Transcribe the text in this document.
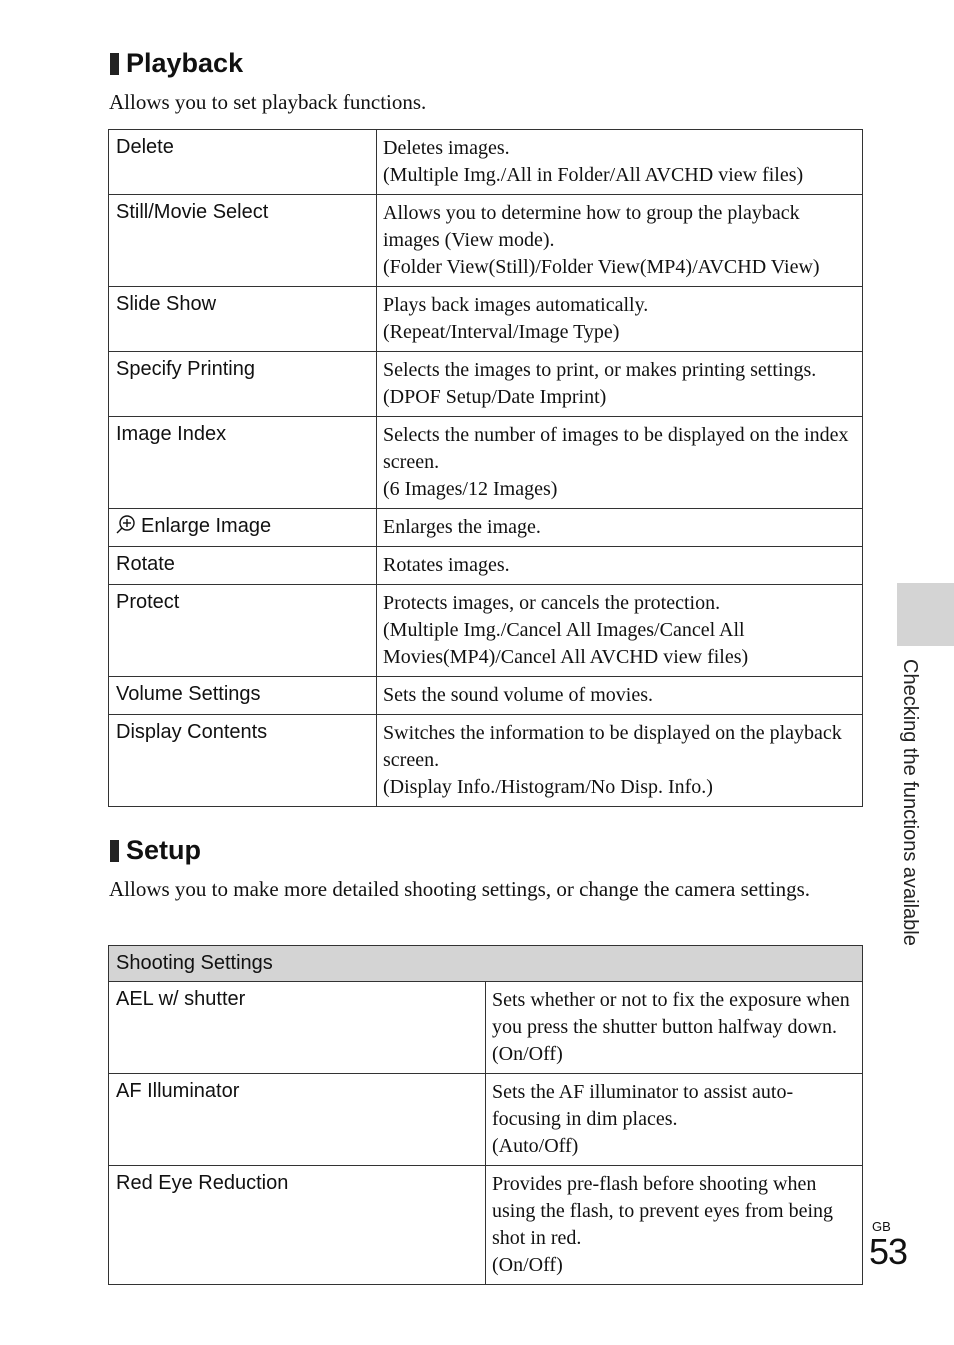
Playback
Allows you to set playback functions.
Delete	Deletes images.
(Multiple Img./All in Folder/All AVCHD view files)

Still/Movie Select	Allows you to determine how to group the playback images (View mode).
(Folder View(Still)/Folder View(MP4)/AVCHD View)

Slide Show	Plays back images automatically.
(Repeat/Interval/Image Type)

Specify Printing	Selects the images to print, or makes printing settings.
(DPOF Setup/Date Imprint)

Image Index	Selects the number of images to be displayed on the index screen.
(6 Images/12 Images)

Enlarge Image	Enlarges the image.

Rotate	Rotates images.

Protect	Protects images, or cancels the protection.
(Multiple Img./Cancel All Images/Cancel All Movies(MP4)/Cancel All AVCHD view files)

Volume Settings	Sets the sound volume of movies.

Display Contents	Switches the information to be displayed on the playback screen.
(Display Info./Histogram/No Disp. Info.)
Setup
Allows you to make more detailed shooting settings, or change the camera settings.
Shooting Settings	
AEL w/ shutter	Sets whether or not to fix the exposure when you press the shutter button halfway down.
(On/Off)

AF Illuminator	Sets the AF illuminator to assist auto-focusing in dim places.
(Auto/Off)

Red Eye Reduction	Provides pre-flash before shooting when using the flash, to prevent eyes from being shot in red.
(On/Off)
Checking the functions available
GB
53
